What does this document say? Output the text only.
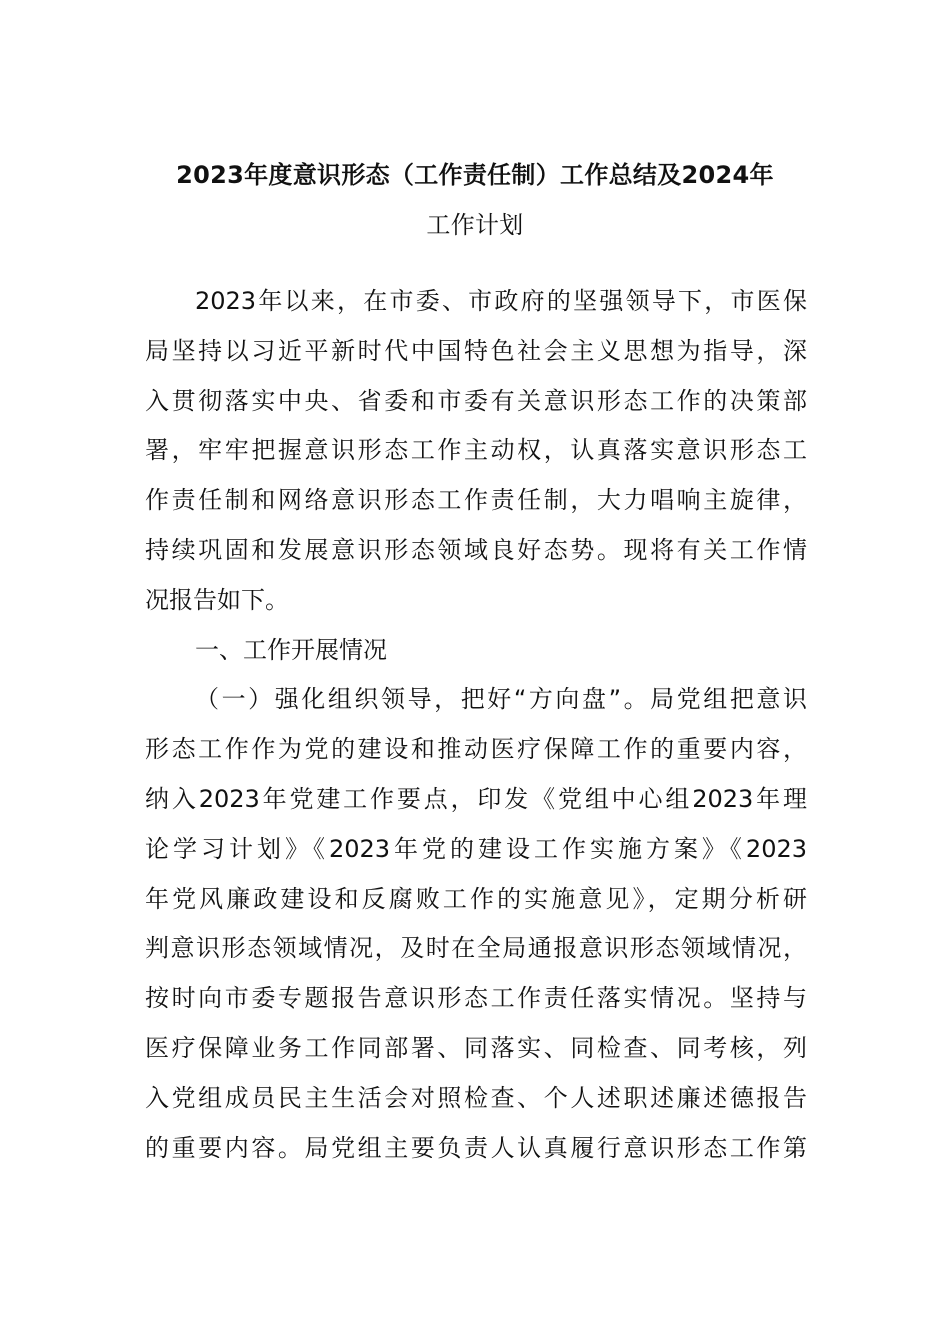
2023年度意识形态（工作责任制）工作总结及2024年
工作计划
2023年以来，在市委、市政府的坚强领导下，市医保
局坚持以习近平新时代中国特色社会主义思想为指导，深
入贯彻落实中央、省委和市委有关意识形态工作的决策部
署，牢牢把握意识形态工作主动权，认真落实意识形态工
作责任制和网络意识形态工作责任制，大力唱响主旋律，
持续巩固和发展意识形态领域良好态势。现将有关工作情
况报告如下。
一、工作开展情况
（一）强化组织领导，把好“方向盘”。局党组把意识
形态工作作为党的建设和推动医疗保障工作的重要内容，
纳入2023年党建工作要点，印发《党组中心组2023年理
论学习计划》《2023年党的建设工作实施方案》《2023
年党风廉政建设和反腐败工作的实施意见》，定期分析研
判意识形态领域情况，及时在全局通报意识形态领域情况，
按时向市委专题报告意识形态工作责任落实情况。坚持与
医疗保障业务工作同部署、同落实、同检查、同考核，列
入党组成员民主生活会对照检查、个人述职述廉述德报告
的重要内容。局党组主要负责人认真履行意识形态工作第
